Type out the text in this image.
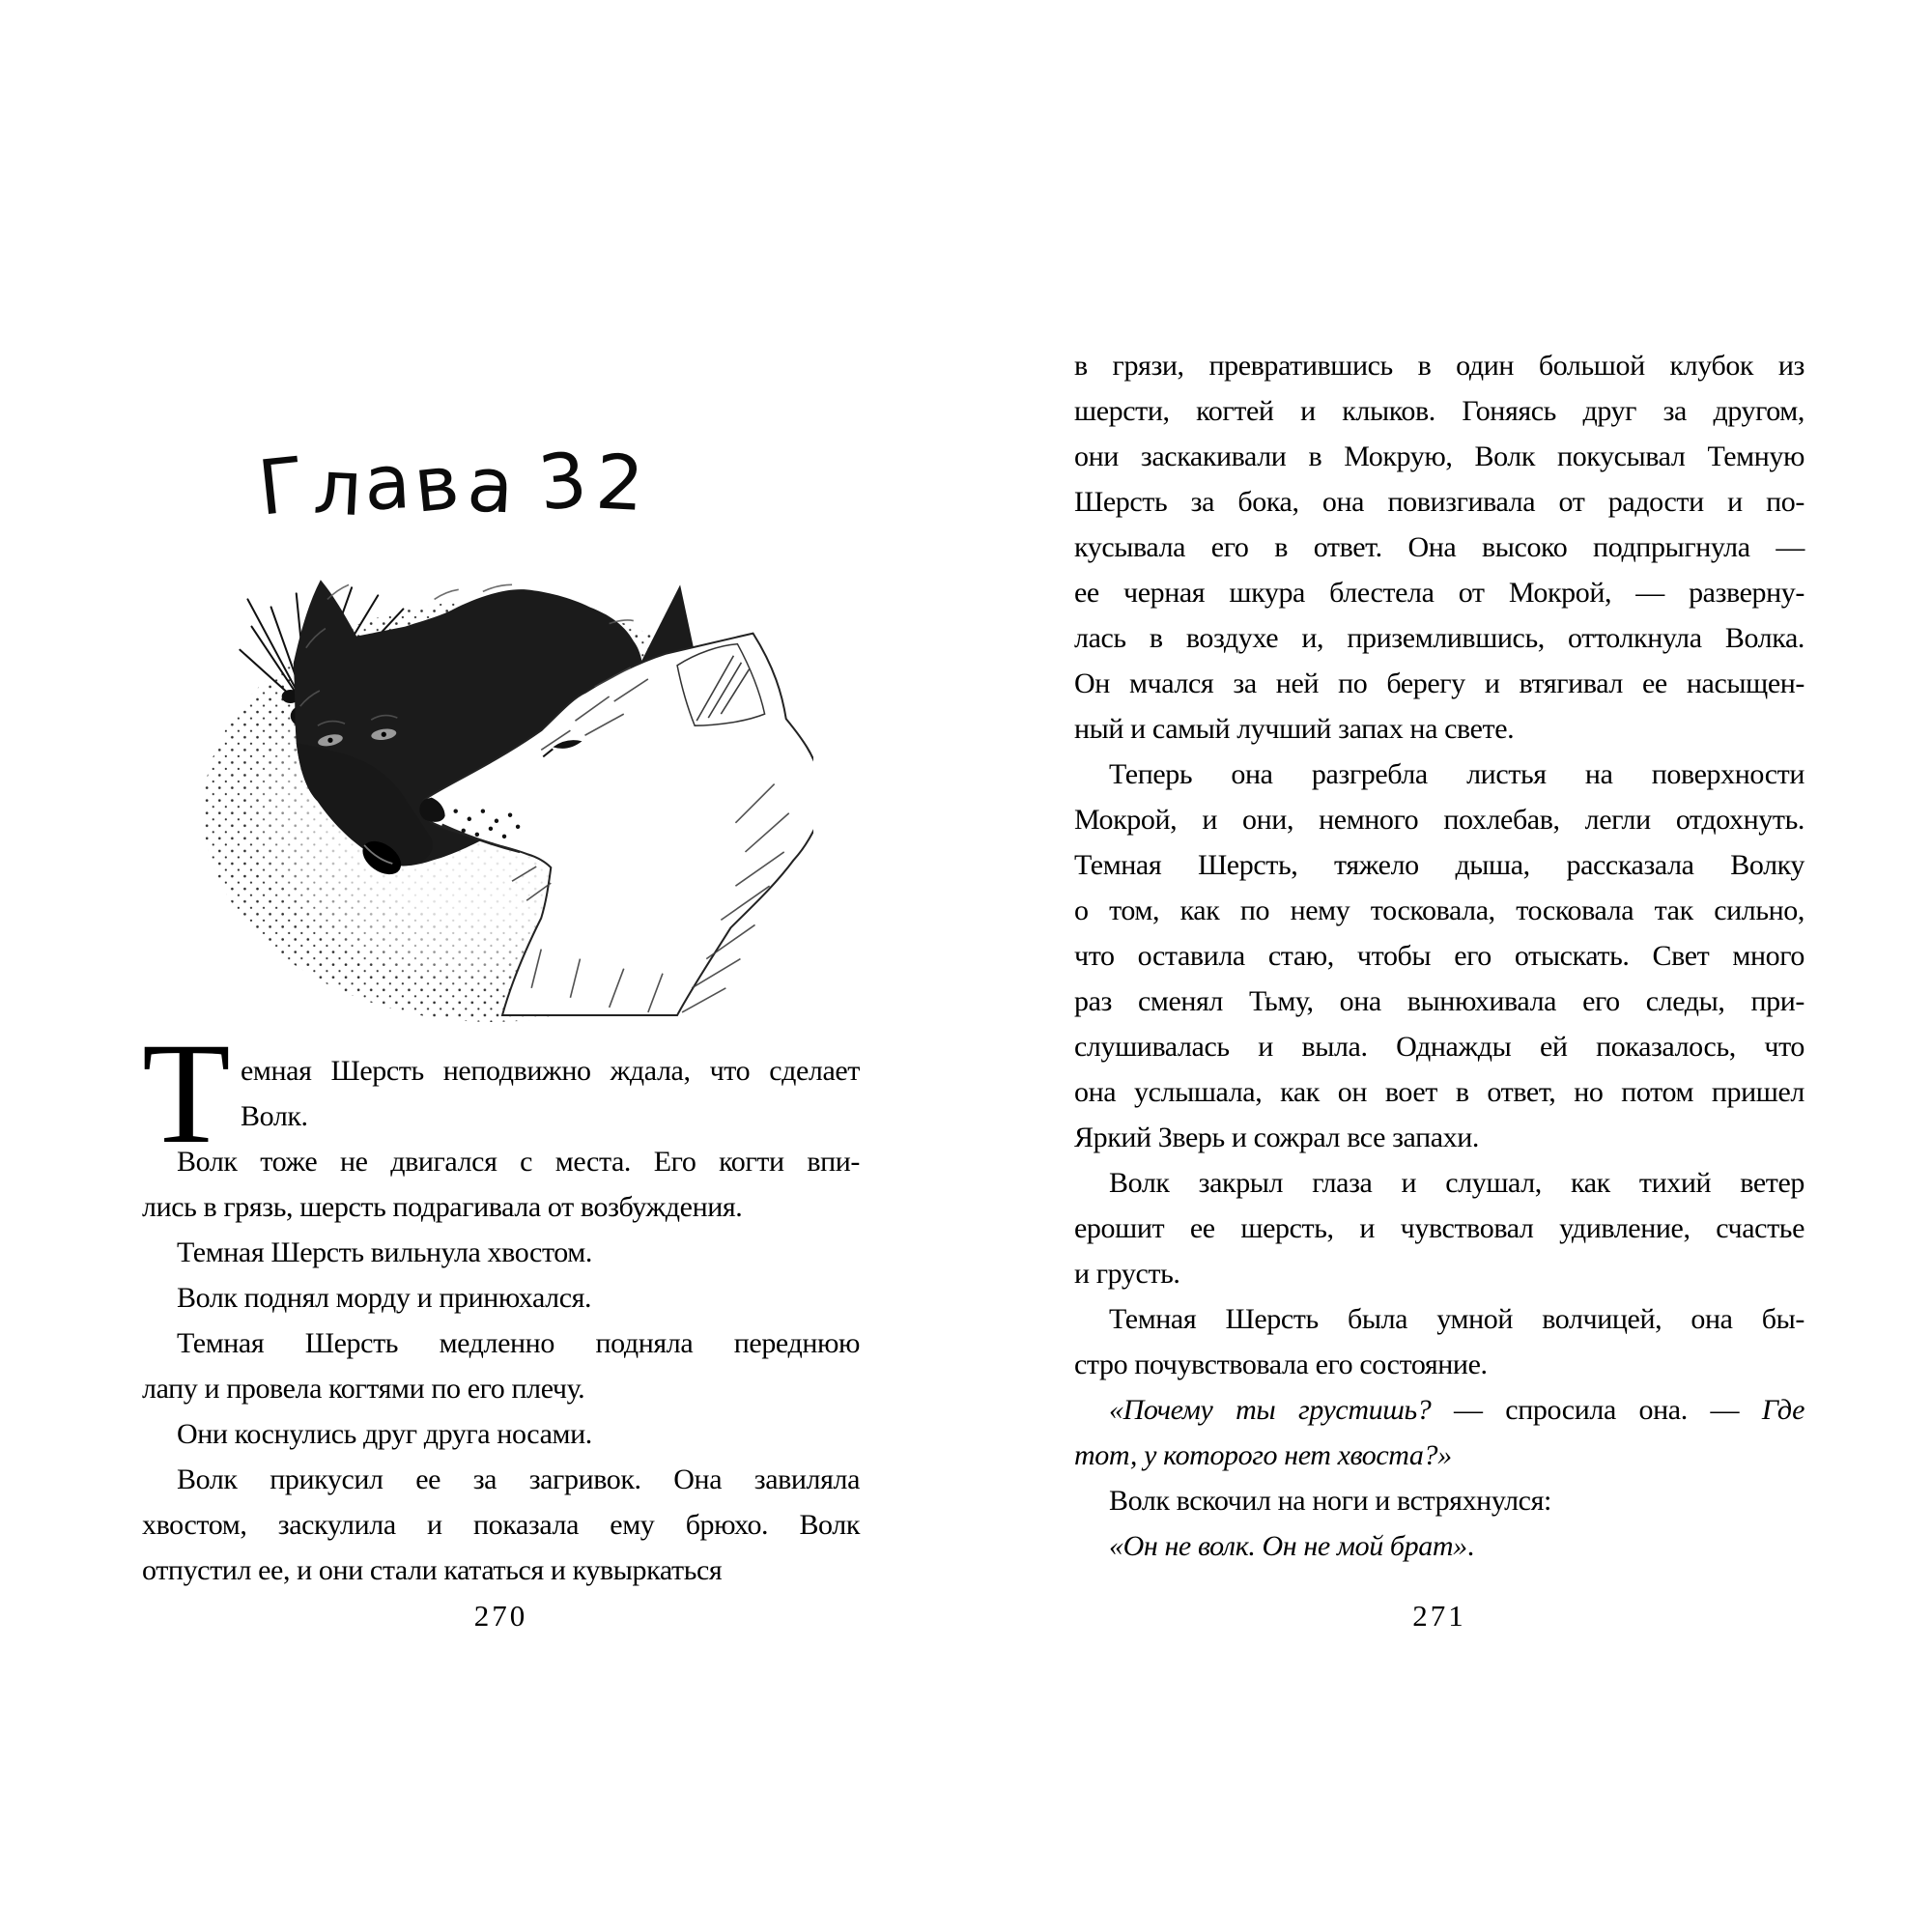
Глава 32
Т емная Шерсть неподвижно ждала, что сделает
Волк.
Волк тоже не двигался с места. Его когти впи-
лись в грязь, шерсть подрагивала от возбуждения.
Темная Шерсть вильнула хвостом.
Волк поднял морду и принюхался.
Темная Шерсть медленно подняла переднюю
лапу и провела когтями по его плечу.
Они коснулись друг друга носами.
Волк прикусил ее за загривок. Она завиляла
хвостом, заскулила и показала ему брюхо. Волк
отпустил ее, и они стали кататься и кувыркаться
270
в грязи, превратившись в один большой клубок из
шерсти, когтей и клыков. Гоняясь друг за другом,
они заскакивали в Мокрую, Волк покусывал Темную
Шерсть за бока, она повизгивала от радости и по-
кусывала его в ответ. Она высоко подпрыгнула —
ее черная шкура блестела от Мокрой, — разверну-
лась в воздухе и, приземлившись, оттолкнула Волка.
Он мчался за ней по берегу и втягивал ее насыщен-
ный и самый лучший запах на свете.
Теперь она разгребла листья на поверхности
Мокрой, и они, немного похлебав, легли отдохнуть.
Темная Шерсть, тяжело дыша, рассказала Волку
о том, как по нему тосковала, тосковала так сильно,
что оставила стаю, чтобы его отыскать. Свет много
раз сменял Тьму, она вынюхивала его следы, при-
слушивалась и выла. Однажды ей показалось, что
она услышала, как он воет в ответ, но потом пришел
Яркий Зверь и сожрал все запахи.
Волк закрыл глаза и слушал, как тихий ветер
ерошит ее шерсть, и чувствовал удивление, счастье
и грусть.
Темная Шерсть была умной волчицей, она бы-
стро почувствовала его состояние.
«Почему ты грустишь? — спросила она. — Где
тот, у которого нет хвоста?»
Волк вскочил на ноги и встряхнулся:
«Он не волк. Он не мой брат».
271
